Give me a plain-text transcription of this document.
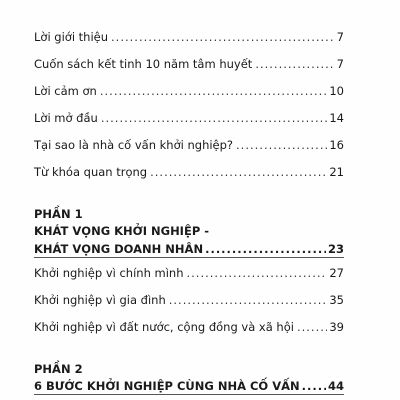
Lời giới thiệu .....	7
Cuốn sách kết tinh 10 năm tâm huyết .....	7
Lời cảm ơn .....	10
Lời mở đầu .....	14
Tại sao là nhà cố vấn khởi nghiệp? .....	16
Từ khóa quan trọng .....	21
PHẦN 1
KHÁT VỌNG KHỞI NGHIỆP -
KHÁT VỌNG DOANH NHÂN .....	23
Khởi nghiệp vì chính mình .....	27
Khởi nghiệp vì gia đình .....	35
Khởi nghiệp vì đất nước, cộng đồng và xã hội .....	39
PHẦN 2
6 BƯỚC KHỞI NGHIỆP CÙNG NHÀ CỐ VẤN ..... 44
